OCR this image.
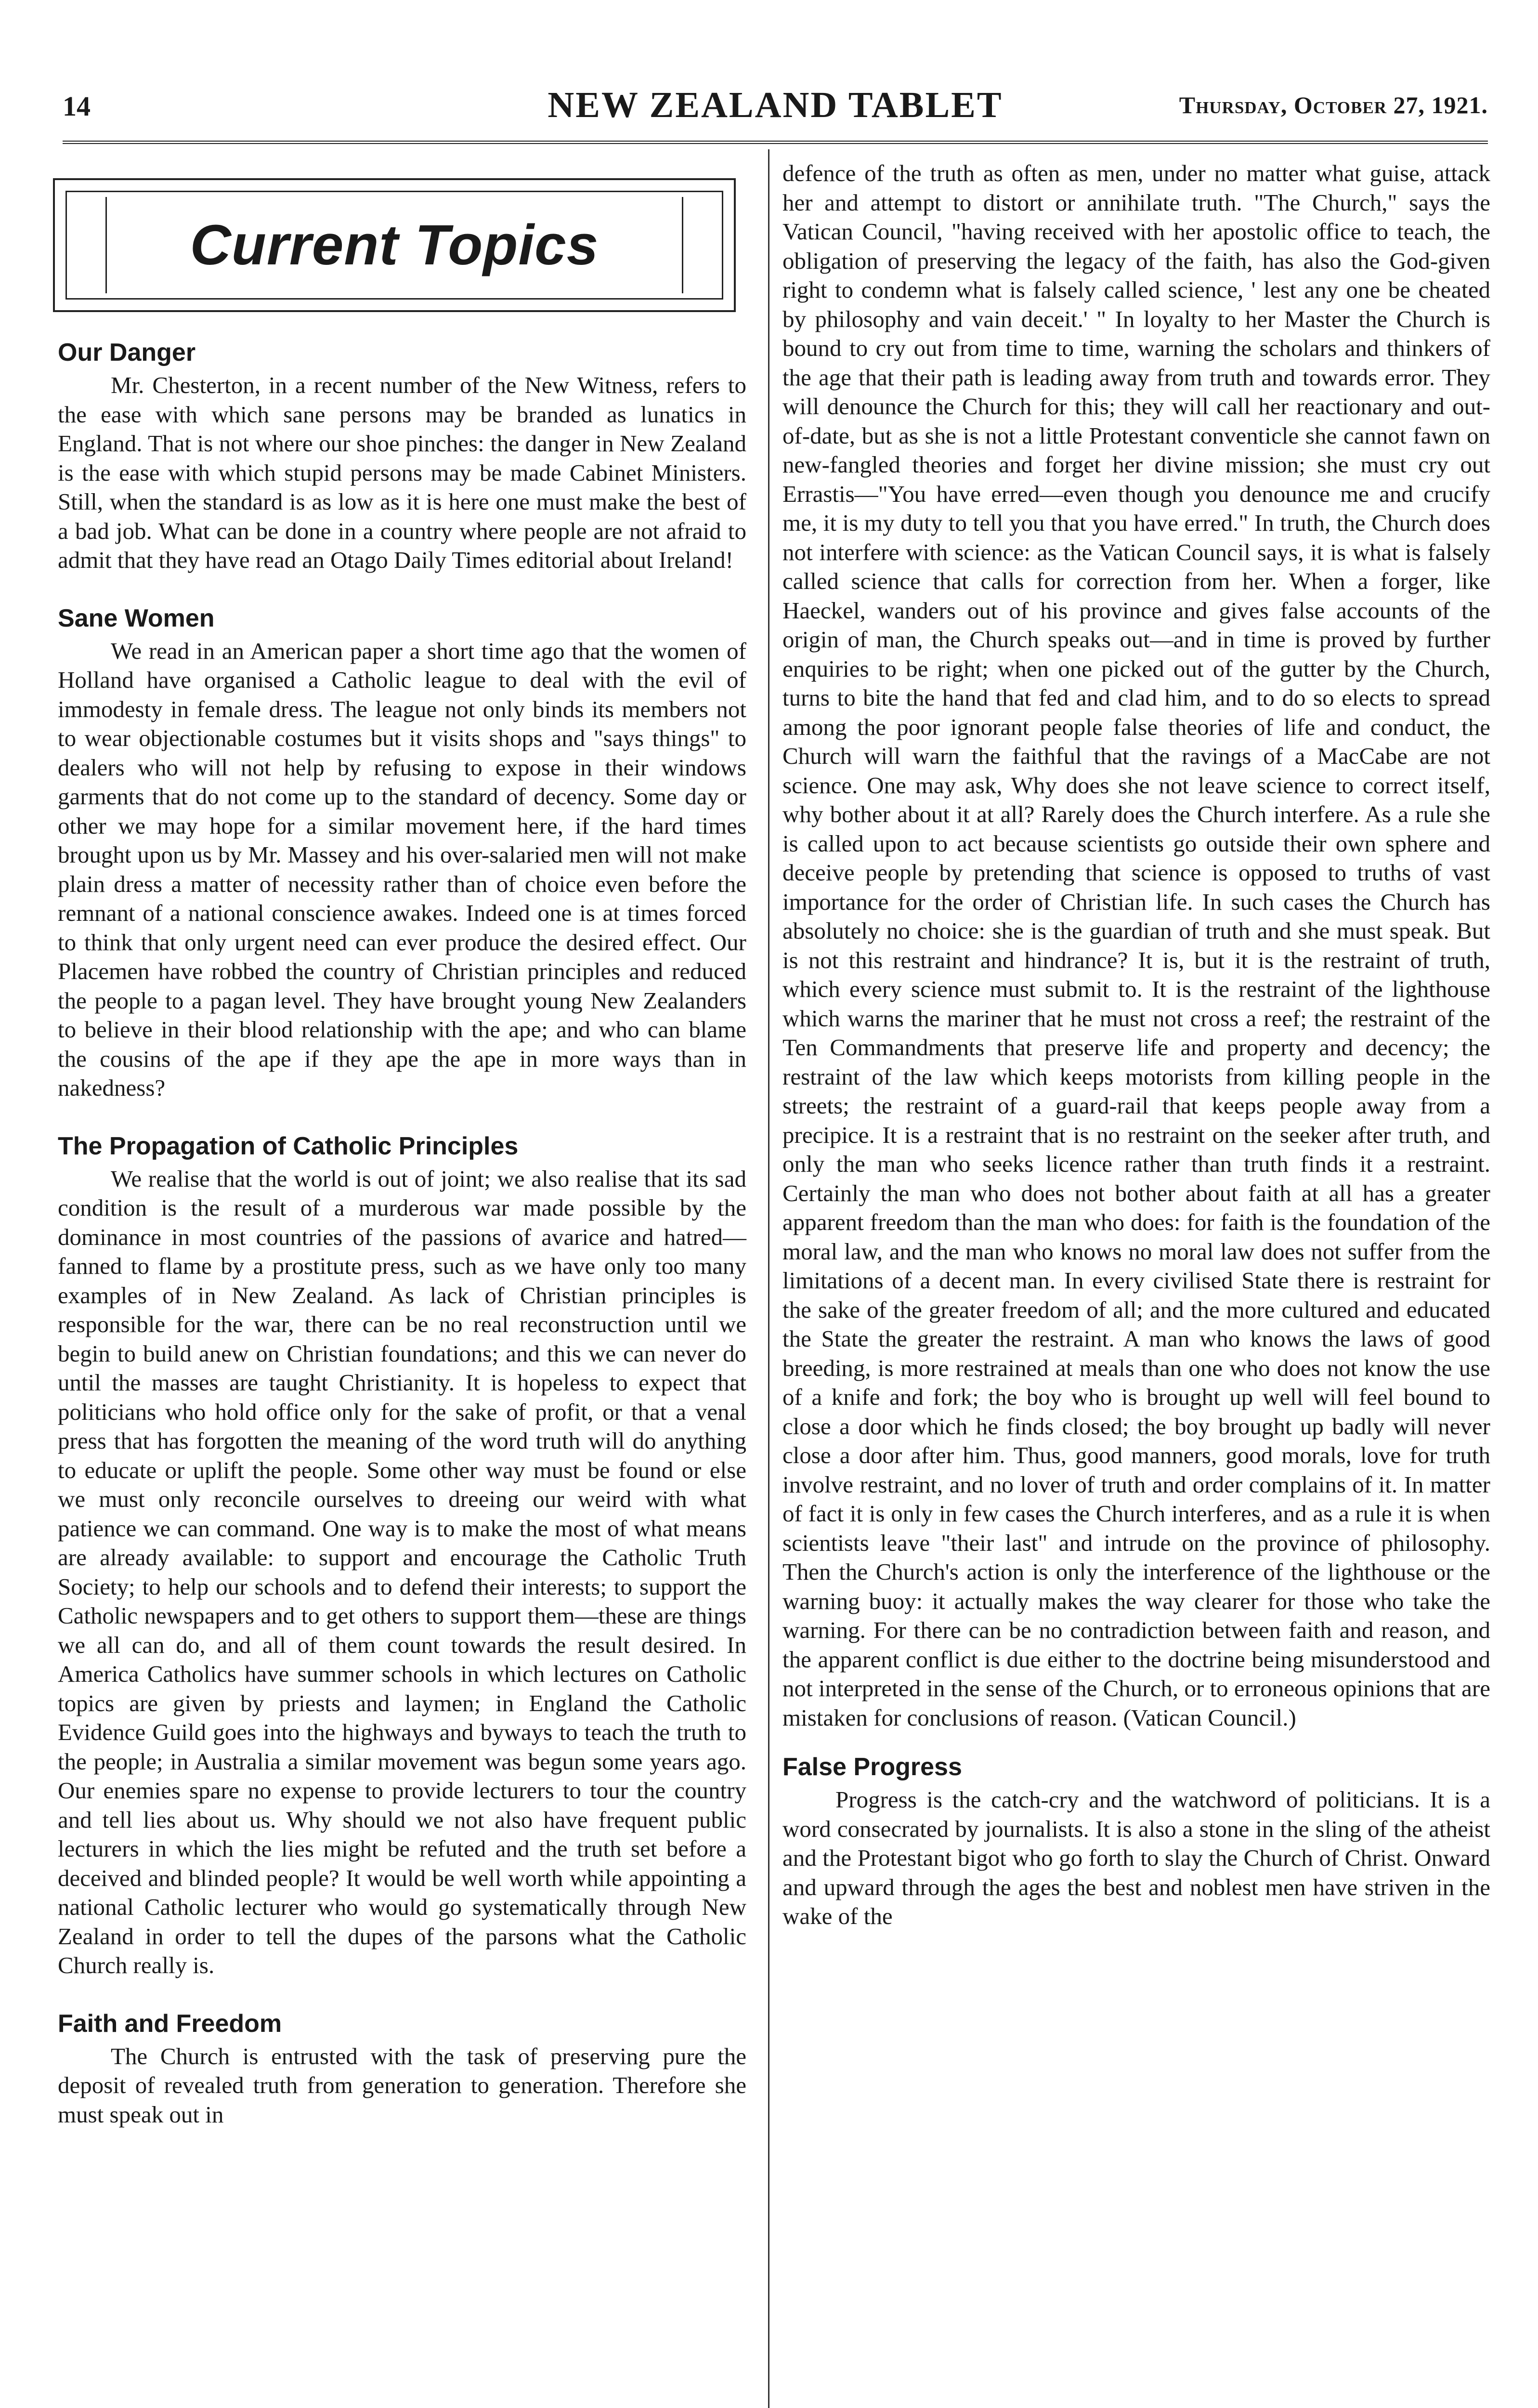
14	NEW ZEALAND TABLET	Thursday, October 27, 1921.
Current Topics
Our Danger

Mr. Chesterton, in a recent number of the New Witness, refers to the ease with which sane persons may be branded as lunatics in England. That is not where our shoe pinches: the danger in New Zealand is the ease with which stupid persons may be made Cabinet Ministers. Still, when the standard is as low as it is here one must make the best of a bad job. What can be done in a country where people are not afraid to admit that they have read an Otago Daily Times editorial about Ireland!

Sane Women

We read in an American paper a short time ago that the women of Holland have organised a Catholic league to deal with the evil of immodesty in female dress. The league not only binds its members not to wear objectionable costumes but it visits shops and "says things" to dealers who will not help by refusing to expose in their windows garments that do not come up to the standard of decency. Some day or other we may hope for a similar movement here, if the hard times brought upon us by Mr. Massey and his over-salaried men will not make plain dress a matter of necessity rather than of choice even before the remnant of a national conscience awakes. Indeed one is at times forced to think that only urgent need can ever produce the desired effect. Our Placemen have robbed the country of Christian principles and reduced the people to a pagan level. They have brought young New Zealanders to believe in their blood relationship with the ape; and who can blame the cousins of the ape if they ape the ape in more ways than in nakedness?

The Propagation of Catholic Principles

We realise that the world is out of joint; we also realise that its sad condition is the result of a murderous war made possible by the dominance in most countries of the passions of avarice and hatred—fanned to flame by a prostitute press, such as we have only too many examples of in New Zealand. As lack of Christian principles is responsible for the war, there can be no real reconstruction until we begin to build anew on Christian foundations; and this we can never do until the masses are taught Christianity. It is hopeless to expect that politicians who hold office only for the sake of profit, or that a venal press that has forgotten the meaning of the word truth will do anything to educate or uplift the people. Some other way must be found or else we must only reconcile ourselves to dreeing our weird with what patience we can command. One way is to make the most of what means are already available: to support and encourage the Catholic Truth Society; to help our schools and to defend their interests; to support the Catholic newspapers and to get others to support them—these are things we all can do, and all of them count towards the result desired. In America Catholics have summer schools in which lectures on Catholic topics are given by priests and laymen; in England the Catholic Evidence Guild goes into the highways and byways to teach the truth to the people; in Australia a similar movement was begun some years ago. Our enemies spare no expense to provide lecturers to tour the country and tell lies about us. Why should we not also have frequent public lecturers in which the lies might be refuted and the truth set before a deceived and blinded people? It would be well worth while appointing a national Catholic lecturer who would go systematically through New Zealand in order to tell the dupes of the parsons what the Catholic Church really is.

Faith and Freedom

The Church is entrusted with the task of preserving pure the deposit of revealed truth from generation to generation. Therefore she must speak out in

defence of the truth as often as men, under no matter what guise, attack her and attempt to distort or annihilate truth. "The Church," says the Vatican Council, "having received with her apostolic office to teach, the obligation of preserving the legacy of the faith, has also the God-given right to condemn what is falsely called science, ' lest any one be cheated by philosophy and vain deceit.' " In loyalty to her Master the Church is bound to cry out from time to time, warning the scholars and thinkers of the age that their path is leading away from truth and towards error. They will denounce the Church for this; they will call her reactionary and out-of-date, but as she is not a little Protestant conventicle she cannot fawn on new-fangled theories and forget her divine mission; she must cry out Errastis—"You have erred—even though you denounce me and crucify me, it is my duty to tell you that you have erred." In truth, the Church does not interfere with science: as the Vatican Council says, it is what is falsely called science that calls for correction from her. When a forger, like Haeckel, wanders out of his province and gives false accounts of the origin of man, the Church speaks out—and in time is proved by further enquiries to be right; when one picked out of the gutter by the Church, turns to bite the hand that fed and clad him, and to do so elects to spread among the poor ignorant people false theories of life and conduct, the Church will warn the faithful that the ravings of a MacCabe are not science. One may ask, Why does she not leave science to correct itself, why bother about it at all? Rarely does the Church interfere. As a rule she is called upon to act because scientists go outside their own sphere and deceive people by pretending that science is opposed to truths of vast importance for the order of Christian life. In such cases the Church has absolutely no choice: she is the guardian of truth and she must speak. But is not this restraint and hindrance? It is, but it is the restraint of truth, which every science must submit to. It is the restraint of the lighthouse which warns the mariner that he must not cross a reef; the restraint of the Ten Commandments that preserve life and property and decency; the restraint of the law which keeps motorists from killing people in the streets; the restraint of a guard-rail that keeps people away from a precipice. It is a restraint that is no restraint on the seeker after truth, and only the man who seeks licence rather than truth finds it a restraint. Certainly the man who does not bother about faith at all has a greater apparent freedom than the man who does: for faith is the foundation of the moral law, and the man who knows no moral law does not suffer from the limitations of a decent man. In every civilised State there is restraint for the sake of the greater freedom of all; and the more cultured and educated the State the greater the restraint. A man who knows the laws of good breeding, is more restrained at meals than one who does not know the use of a knife and fork; the boy who is brought up well will feel bound to close a door which he finds closed; the boy brought up badly will never close a door after him. Thus, good manners, good morals, love for truth involve restraint, and no lover of truth and order complains of it. In matter of fact it is only in few cases the Church interferes, and as a rule it is when scientists leave "their last" and intrude on the province of philosophy. Then the Church's action is only the interference of the lighthouse or the warning buoy: it actually makes the way clearer for those who take the warning. For there can be no contradiction between faith and reason, and the apparent conflict is due either to the doctrine being misunderstood and not interpreted in the sense of the Church, or to erroneous opinions that are mistaken for conclusions of reason. (Vatican Council.)

False Progress

Progress is the catch-cry and the watchword of politicians. It is a word consecrated by journalists. It is also a stone in the sling of the atheist and the Protestant bigot who go forth to slay the Church of Christ. Onward and upward through the ages the best and noblest men have striven in the wake of the
